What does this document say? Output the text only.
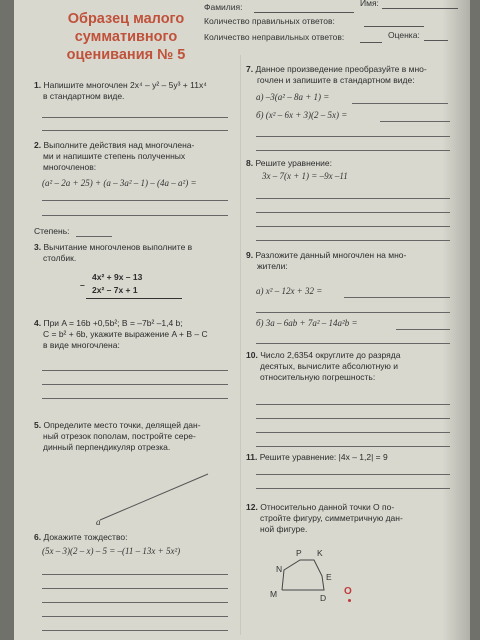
Образец малого
суммативного
оценивания № 5
Фамилия:	Имя:
Количество правильных ответов:
Количество неправильных ответов:	Оценка:
1. Напишите многочлен 2x⁴ – y² – 5y³ + 11x⁴
в стандартном виде.
2. Выполните действия над многочлена-
ми и напишите степень полученных
многочленов:
(a² – 2a + 25) + (a – 3a² – 1) – (4a – a²) =
Степень:
3. Вычитание многочленов выполните в
столбик.
4x² + 9x – 13
– 2x² – 7x + 1
4. При A = 16b +0,5b²; B = –7b² –1,4 b;
C = b² + 6b, укажите выражение A + B – C
в виде многочлена:
5. Определите место точки, делящей дан-
ный отрезок пополам, постройте сере-
динный перпендикуляр отрезка.
a
6. Докажите тождество:
(5x – 3)(2 – x) – 5 = –(11 – 13x + 5x²)
7. Данное произведение преобразуйте в мно-
гочлен и запишите в стандартном виде:
а) –3(a² – 8a + 1) =
б) (x² – 6x + 3)(2 – 5x) =
8. Решите уравнение:
3x – 7(x + 1) = –9x –11
9. Разложите данный многочлен на мно-
жители:
а) x² – 12x + 32 =
б) 3a – 6ab + 7a² – 14a²b =
10. Число 2,6354 округлите до разряда
десятых, вычислите абсолютную и
относительную погрешность:
11. Решите уравнение: |4x – 1,2| = 9
12. Относительно данной точки O по-
стройте фигуру, симметричную дан-
ной фигуре.
P K
N
E
M	D
O
